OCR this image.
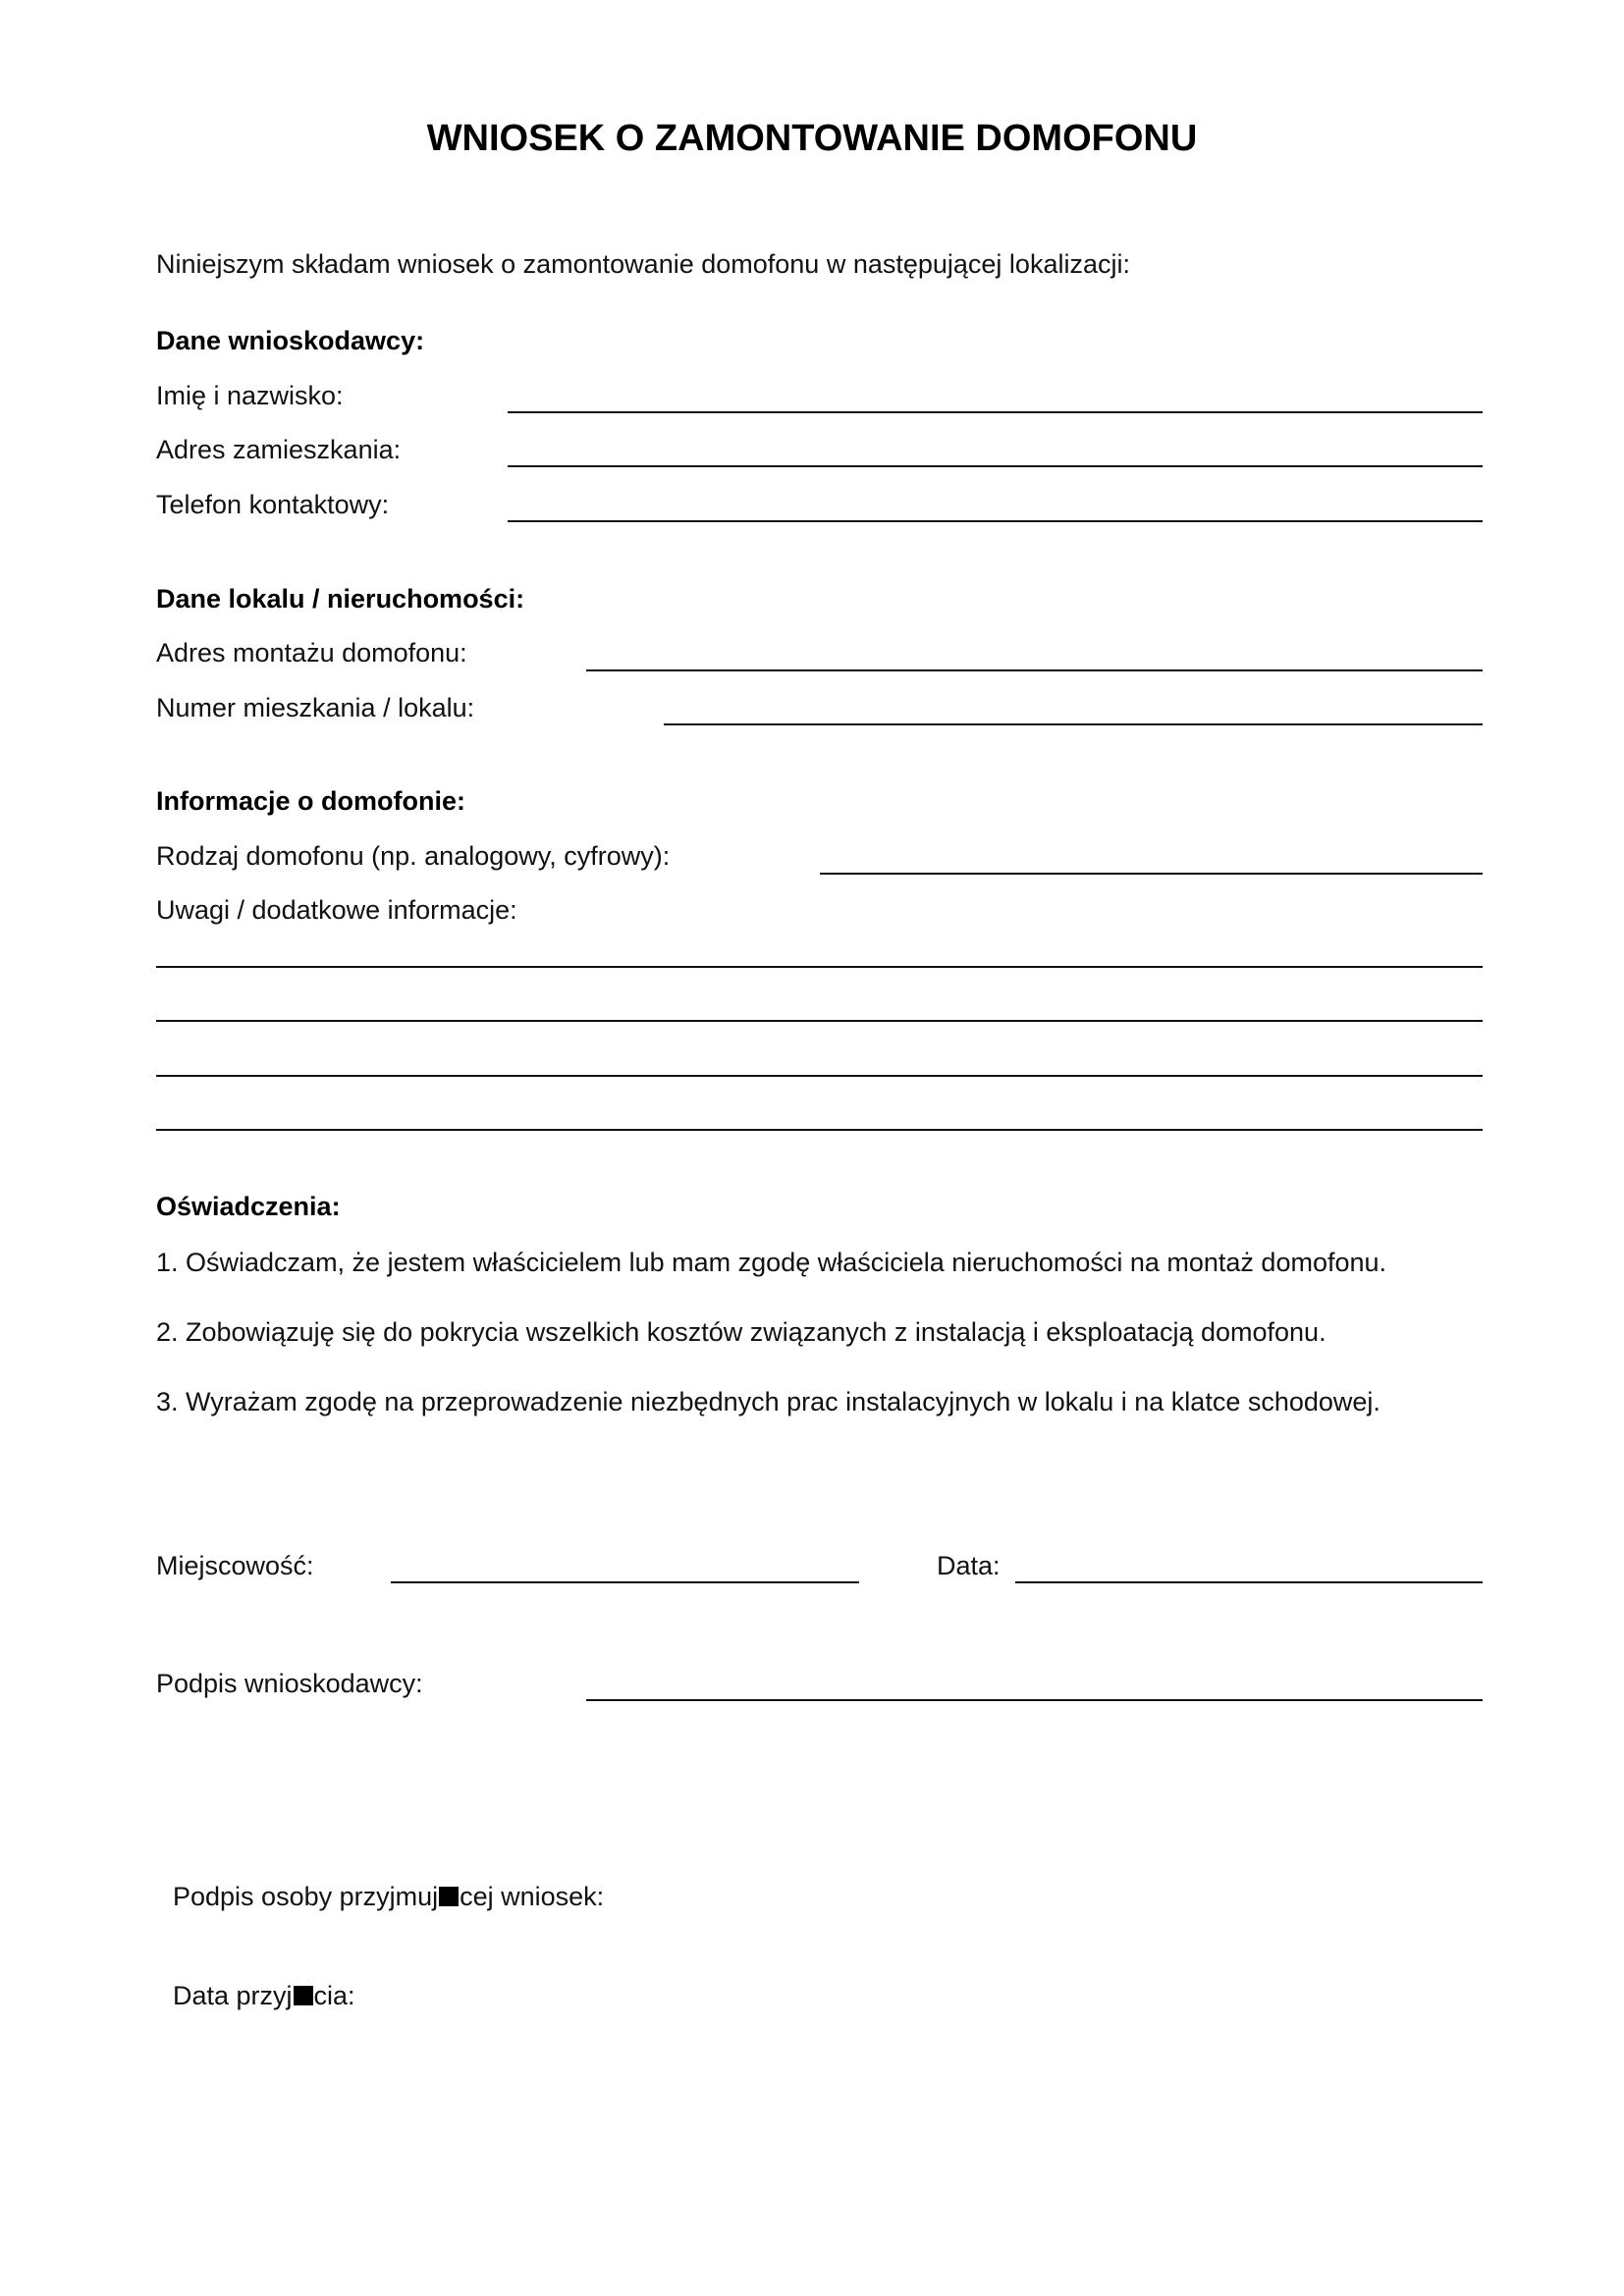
WNIOSEK O ZAMONTOWANIE DOMOFONU
Niniejszym składam wniosek o zamontowanie domofonu w następującej lokalizacji:
Dane wnioskodawcy:
Imię i nazwisko:
Adres zamieszkania:
Telefon kontaktowy:
Dane lokalu / nieruchomości:
Adres montażu domofonu:
Numer mieszkania / lokalu:
Informacje o domofonie:
Rodzaj domofonu (np. analogowy, cyfrowy):
Uwagi / dodatkowe informacje:
Oświadczenia:
1. Oświadczam, że jestem właścicielem lub mam zgodę właściciela nieruchomości na montaż domofonu.
2. Zobowiązuję się do pokrycia wszelkich kosztów związanych z instalacją i eksploatacją domofonu.
3. Wyrażam zgodę na przeprowadzenie niezbędnych prac instalacyjnych w lokalu i na klatce schodowej.
Miejscowość:	Data:
Podpis wnioskodawcy:
Podpis osoby przyjmuj cej wniosek:
Data przyj cia:
